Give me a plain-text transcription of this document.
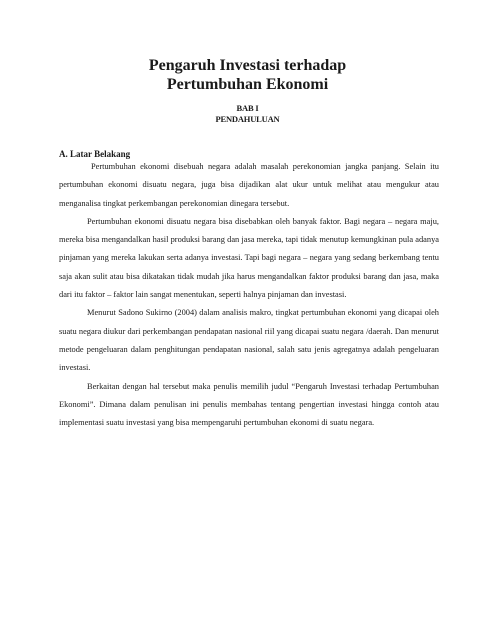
Pengaruh Investasi terhadap
Pertumbuhan Ekonomi
BAB I
PENDAHULUAN
A. Latar Belakang

Pertumbuhan ekonomi disebuah negara adalah masalah perekonomian jangka panjang. Selain itu pertumbuhan ekonomi disuatu negara, juga bisa dijadikan alat ukur untuk melihat atau mengukur atau menganalisa tingkat perkembangan perekonomian dinegara tersebut.

Pertumbuhan ekonomi disuatu negara bisa disebabkan oleh banyak faktor. Bagi negara – negara maju, mereka bisa mengandalkan hasil produksi barang dan jasa mereka, tapi tidak menutup kemungkinan pula adanya pinjaman yang mereka lakukan serta adanya investasi. Tapi bagi negara – negara yang sedang berkembang tentu saja akan sulit atau bisa dikatakan tidak mudah jika harus mengandalkan faktor produksi barang dan jasa, maka dari itu faktor – faktor lain sangat menentukan, seperti halnya pinjaman dan investasi.

Menurut Sadono Sukirno (2004) dalam analisis makro, tingkat pertumbuhan ekonomi yang dicapai oleh suatu negara diukur dari perkembangan pendapatan nasional riil yang dicapai suatu negara /daerah. Dan menurut metode pengeluaran dalam penghitungan pendapatan nasional, salah satu jenis agregatnya adalah pengeluaran investasi.

Berkaitan dengan hal tersebut maka penulis memilih judul “Pengaruh Investasi terhadap Pertumbuhan Ekonomi”. Dimana dalam penulisan ini penulis membahas tentang pengertian investasi hingga contoh atau implementasi suatu investasi yang bisa mempengaruhi pertumbuhan ekonomi di suatu negara.
